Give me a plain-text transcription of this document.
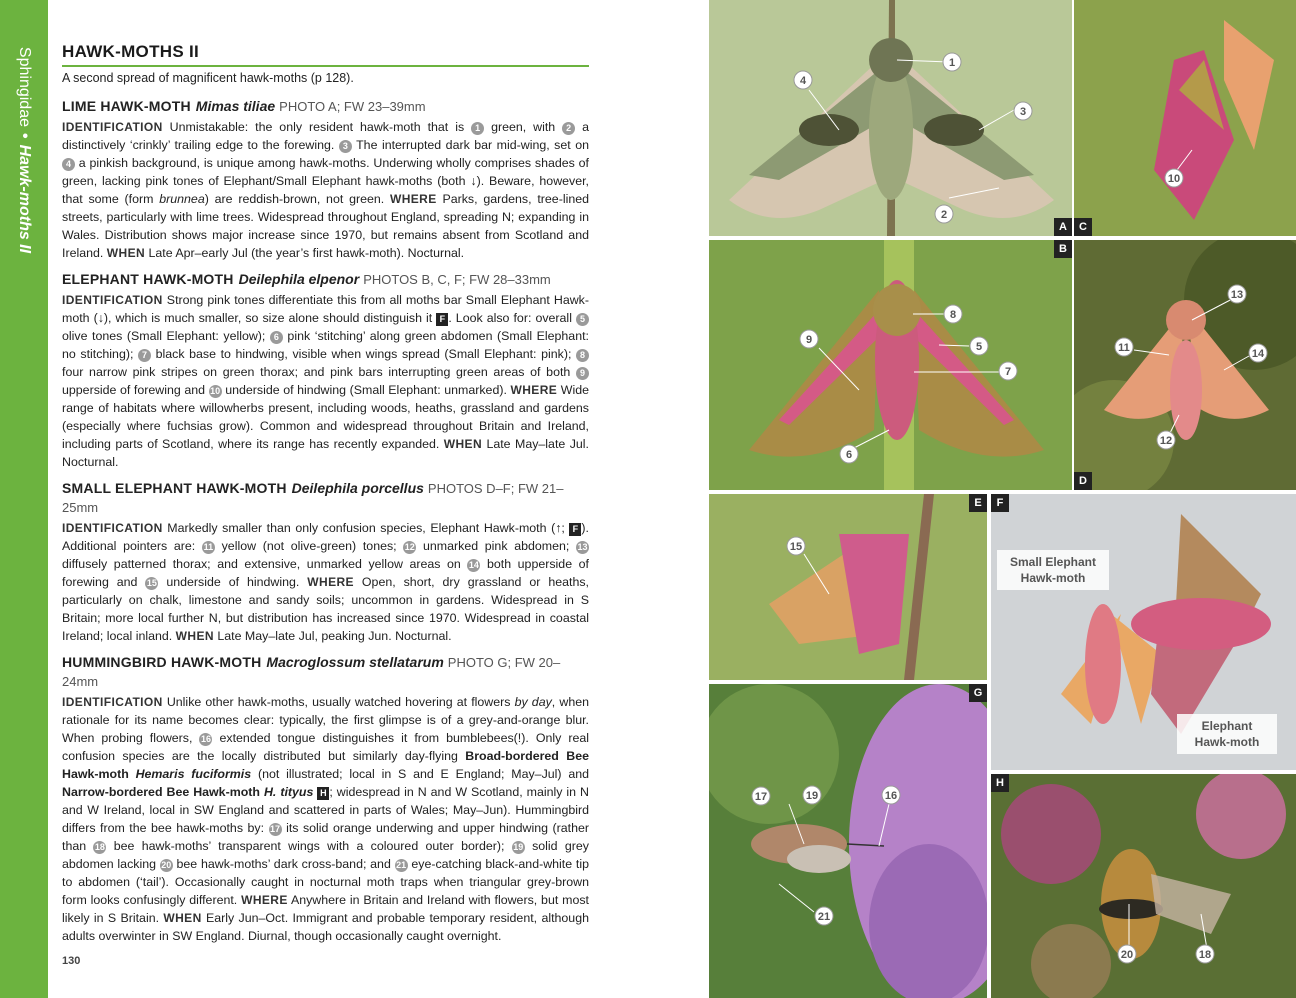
Sphingidae•Hawk-moths II
HAWK-MOTHS II
A second spread of magnificent hawk-moths (p 128).
LIME HAWK-MOTH Mimas tiliae PHOTO A; FW 23–39mm
IDENTIFICATION Unmistakable: the only resident hawk-moth that is 1 green, with 2 a distinctively ‘crinkly’ trailing edge to the forewing. 3 The interrupted dark bar mid-wing, set on 4 a pinkish background, is unique among hawk-moths. Underwing wholly comprises shades of green, lacking pink tones of Elephant/Small Elephant hawk-moths (both ↓). Beware, however, that some (form brunnea) are reddish-brown, not green. WHERE Parks, gardens, tree-lined streets, particularly with lime trees. Widespread throughout England, spreading N; expanding in Wales. Distribution shows major increase since 1970, but remains absent from Scotland and Ireland. WHEN Late Apr–early Jul (the year’s first hawk-moth). Nocturnal.
ELEPHANT HAWK-MOTH Deilephila elpenor PHOTOS B, C, F; FW 28–33mm
IDENTIFICATION Strong pink tones differentiate this from all moths bar Small Elephant Hawk-moth (↓), which is much smaller, so size alone should distinguish it F . Look also for: overall 5 olive tones (Small Elephant: yellow); 6 pink ‘stitching’ along green abdomen (Small Elephant: no stitching); 7 black base to hindwing, visible when wings spread (Small Elephant: pink); 8 four narrow pink stripes on green thorax; and pink bars interrupting green areas of both 9 upperside of forewing and 10 underside of hindwing (Small Elephant: unmarked). WHERE Wide range of habitats where willowherbs present, including woods, heaths, grassland and gardens (especially where fuchsias grow). Common and widespread throughout Britain and Ireland, including parts of Scotland, where its range has recently expanded. WHEN Late May–late Jul. Nocturnal.
SMALL ELEPHANT HAWK-MOTH Deilephila porcellus PHOTOS D–F; FW 21–25mm
IDENTIFICATION Markedly smaller than only confusion species, Elephant Hawk-moth (↑; F ). Additional pointers are: 11 yellow (not olive-green) tones; 12 unmarked pink abdomen; 13 diffusely patterned thorax; and extensive, unmarked yellow areas on 14 both upperside of forewing and 15 underside of hindwing. WHERE Open, short, dry grassland or heaths, particularly on chalk, limestone and sandy soils; uncommon in gardens. Widespread in S Britain; more local further N, but distribution has increased since 1970. Widespread in coastal Ireland; local inland. WHEN Late May–late Jul, peaking Jun. Nocturnal.
HUMMINGBIRD HAWK-MOTH Macroglossum stellatarum PHOTO G; FW 20–24mm
IDENTIFICATION Unlike other hawk-moths, usually watched hovering at flowers by day, when rationale for its name becomes clear: typically, the first glimpse is of a grey-and-orange blur. When probing flowers, 16 extended tongue distinguishes it from bumblebees(!). Only real confusion species are the locally distributed but similarly day-flying Broad-bordered Bee Hawk-moth Hemaris fuciformis (not illustrated; local in S and E England; May–Jul) and Narrow-bordered Bee Hawk-moth H. tityus H ; widespread in N and W Scotland, mainly in N and W Ireland, local in SW England and scattered in parts of Wales; May–Jun). Hummingbird differs from the bee hawk-moths by: 17 its solid orange underwing and upper hindwing (rather than 18 bee hawk-moths’ transparent wings with a coloured outer border); 19 solid grey abdomen lacking 20 bee hawk-moths’ dark cross-band; and 21 eye-catching black-and-white tip to abdomen (‘tail’). Occasionally caught in nocturnal moth traps when triangular grey-brown form looks confusingly different. WHERE Anywhere in Britain and Ireland with flowers, but most likely in S Britain. WHEN Early Jun–Oct. Immigrant and probable temporary resident, although adults overwinter in SW England. Diurnal, though occasionally caught overnight.
130
1
2
3
4
A
10
C
8
5
7
9
6
B
13
11	14
12
D
15
E
Small Elephant Hawk-moth
Elephant Hawk-moth
F
17	19	16
21
G
20	18
H
